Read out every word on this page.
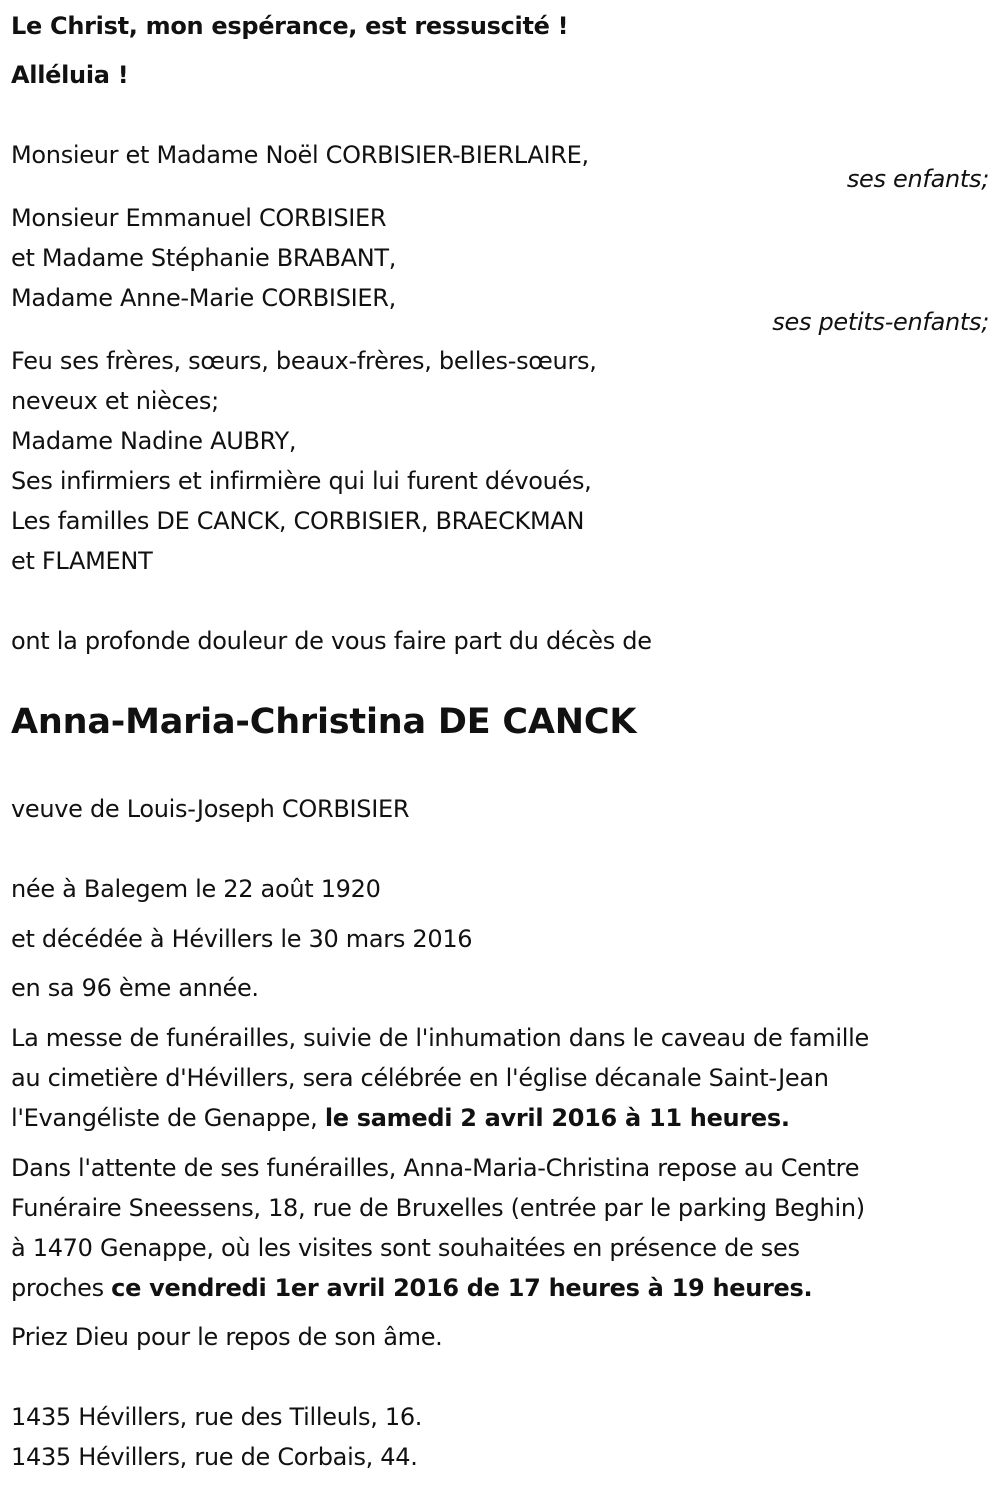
Le Christ, mon espérance, est ressuscité !
Alléluia !
Monsieur et Madame Noël CORBISIER-BIERLAIRE,
ses enfants;
Monsieur Emmanuel CORBISIER
et Madame Stéphanie BRABANT,
Madame Anne-Marie CORBISIER,
ses petits-enfants;
Feu ses frères, sœurs, beaux-frères, belles-sœurs,
neveux et nièces;
Madame Nadine AUBRY,
Ses infirmiers et infirmière qui lui furent dévoués,
Les familles DE CANCK, CORBISIER, BRAECKMAN
et FLAMENT
ont la profonde douleur de vous faire part du décès de
Anna-Maria-Christina DE CANCK
veuve de Louis-Joseph CORBISIER
née à Balegem le 22 août 1920
et décédée à Hévillers le 30 mars 2016
en sa 96 ème année.
La messe de funérailles, suivie de l'inhumation dans le caveau de famille
au cimetière d'Hévillers, sera célébrée en l'église décanale Saint-Jean
l'Evangéliste de Genappe, le samedi 2 avril 2016 à 11 heures.
Dans l'attente de ses funérailles, Anna-Maria-Christina repose au Centre
Funéraire Sneessens, 18, rue de Bruxelles (entrée par le parking Beghin)
à 1470 Genappe, où les visites sont souhaitées en présence de ses
proches ce vendredi 1er avril 2016 de 17 heures à 19 heures.
Priez Dieu pour le repos de son âme.
1435 Hévillers, rue des Tilleuls, 16.
1435 Hévillers, rue de Corbais, 44.
